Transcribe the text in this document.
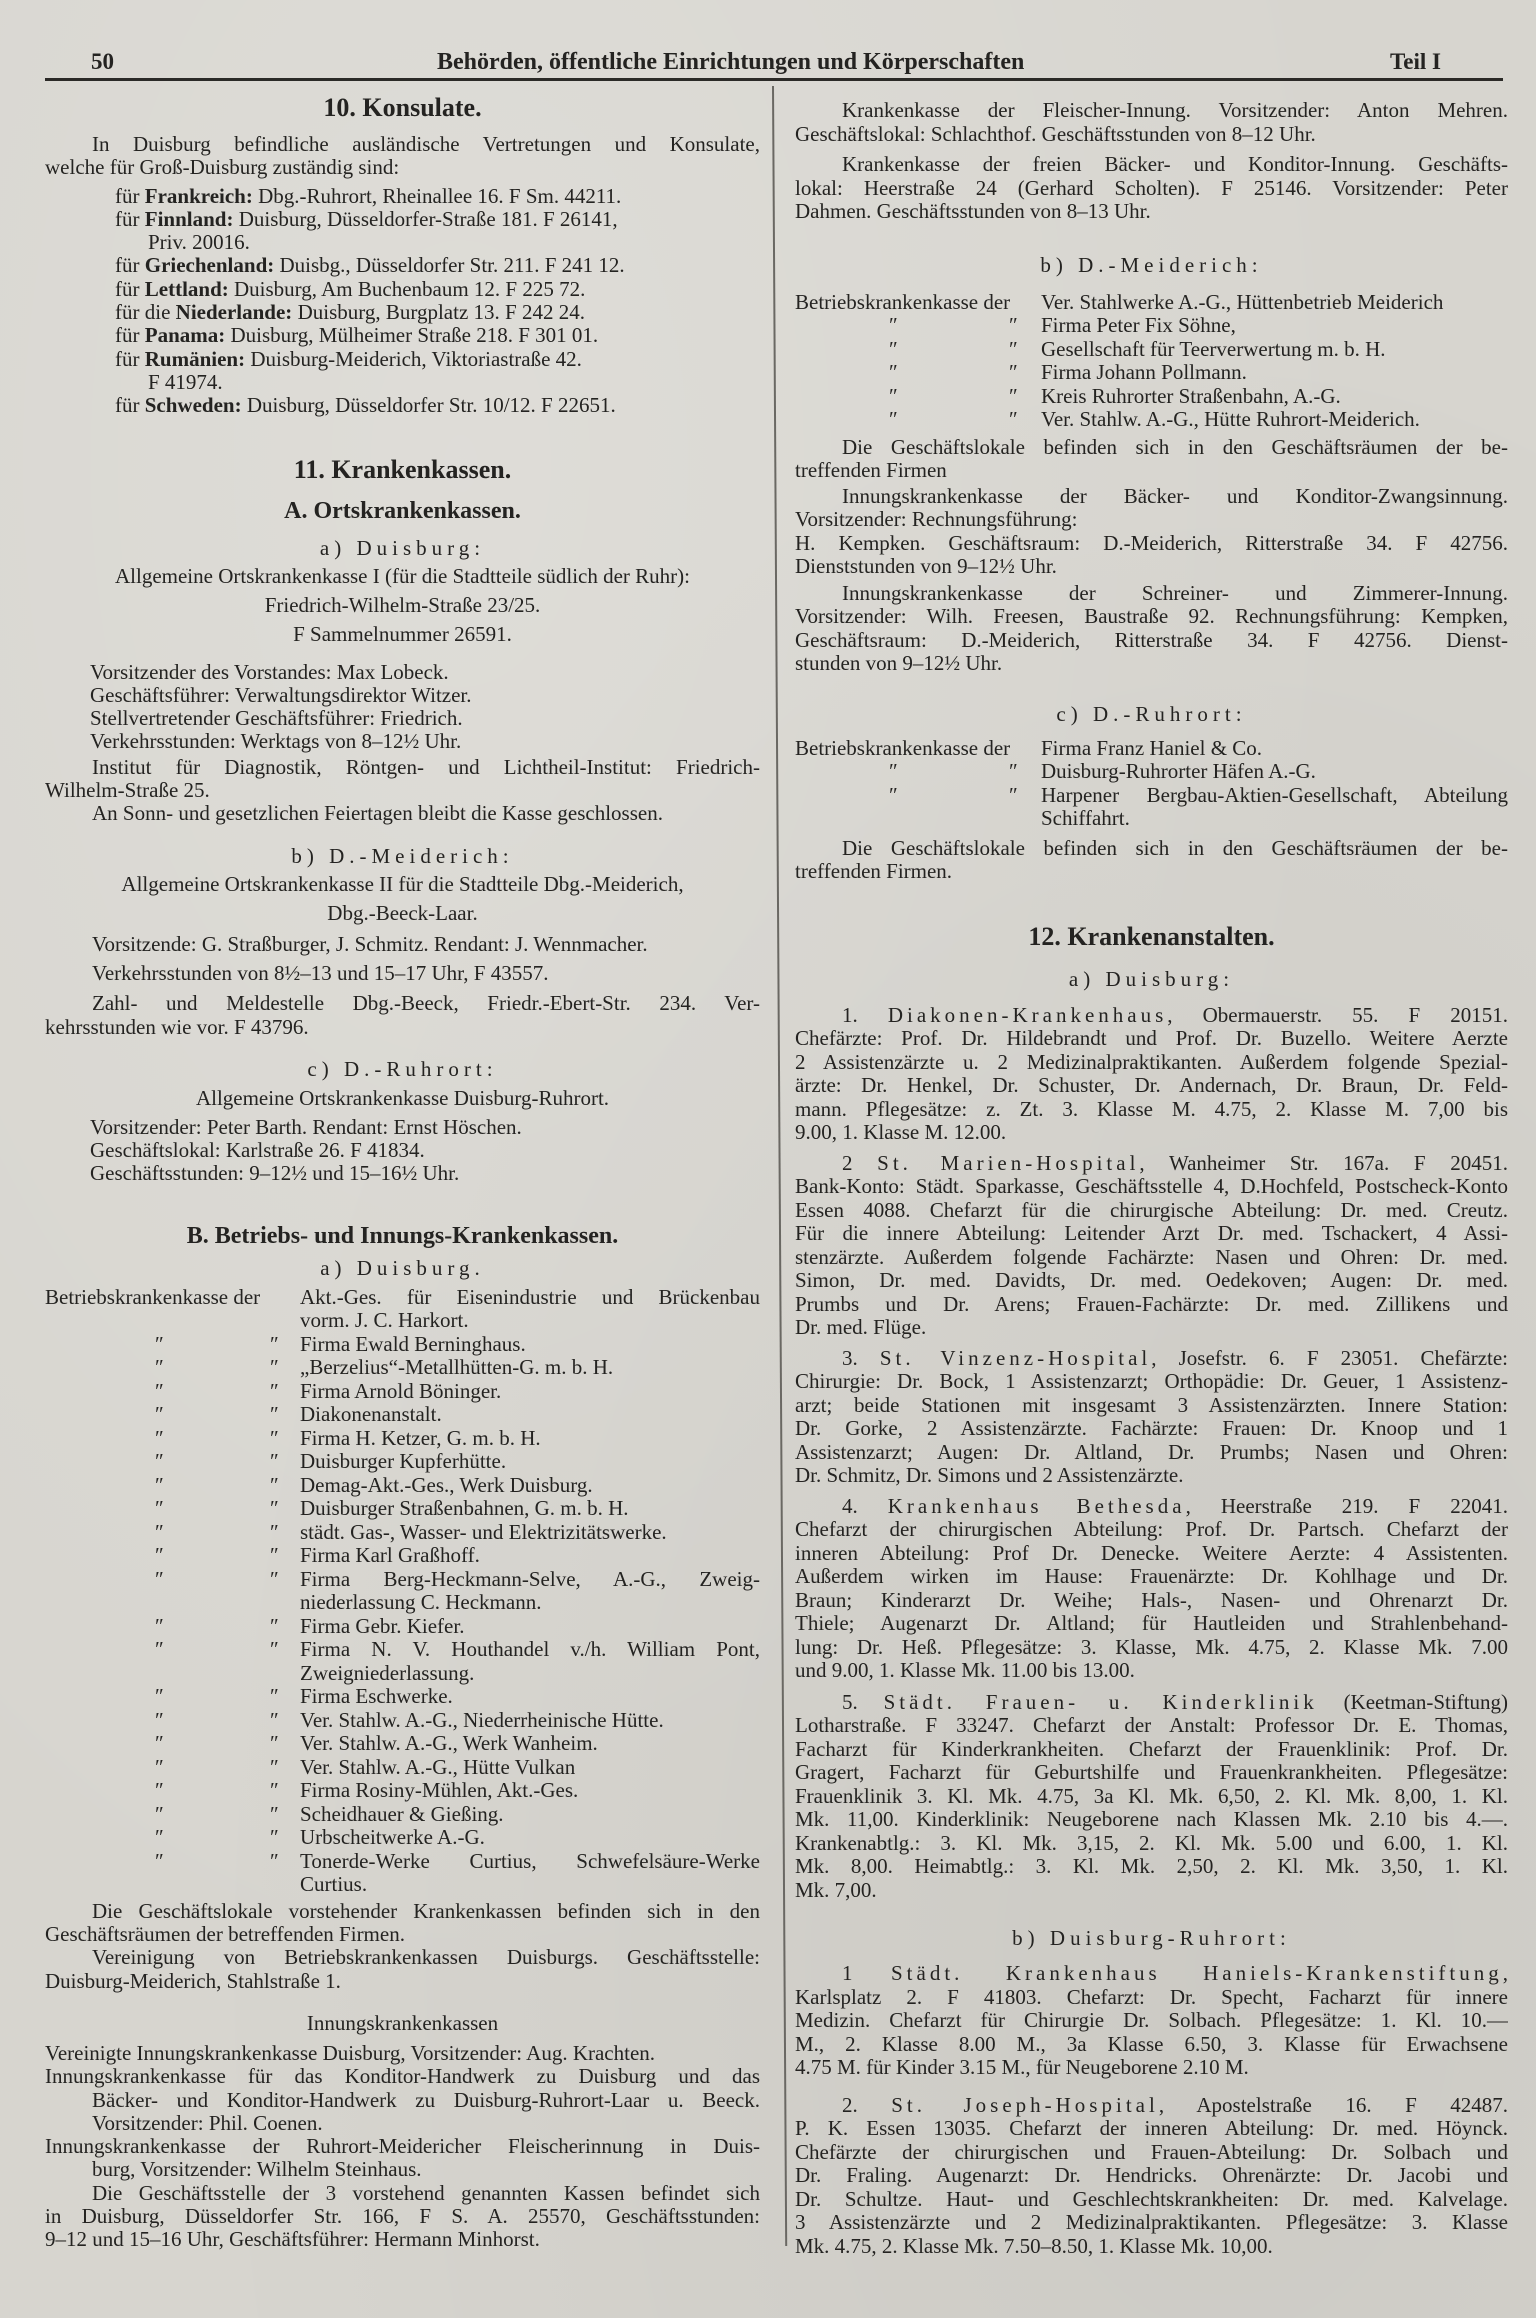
50	Behörden, öffentliche Einrichtungen und Körperschaften	Teil I
10. Konsulate.
In Duisburg befindliche ausländische Vertretungen und Konsulate,
welche für Groß-Duisburg zuständig sind:
für Frankreich: Dbg.-Ruhrort, Rheinallee 16. F Sm. 44211.
für Finnland: Duisburg, Düsseldorfer-Straße 181. F 26141,
Priv. 20016.
für Griechenland: Duisbg., Düsseldorfer Str. 211. F 241 12.
für Lettland: Duisburg, Am Buchenbaum 12. F 225 72.
für die Niederlande: Duisburg, Burgplatz 13. F 242 24.
für Panama: Duisburg, Mülheimer Straße 218. F 301 01.
für Rumänien: Duisburg-Meiderich, Viktoriastraße 42.
F 41974.
für Schweden: Duisburg, Düsseldorfer Str. 10/12. F 22651.
11. Krankenkassen.
A. Ortskrankenkassen.
a) Duisburg:
Allgemeine Ortskrankenkasse I (für die Stadtteile südlich der Ruhr):
Friedrich-Wilhelm-Straße 23/25.
F Sammelnummer 26591.
Vorsitzender des Vorstandes: Max Lobeck.
Geschäftsführer: Verwaltungsdirektor Witzer.
Stellvertretender Geschäftsführer: Friedrich.
Verkehrsstunden: Werktags von 8–12½ Uhr.
Institut für Diagnostik, Röntgen- und Lichtheil-Institut: Friedrich-
Wilhelm-Straße 25.
An Sonn- und gesetzlichen Feiertagen bleibt die Kasse geschlossen.
b) D.-Meiderich:
Allgemeine Ortskrankenkasse II für die Stadtteile Dbg.-Meiderich,
Dbg.-Beeck-Laar.
Vorsitzende: G. Straßburger, J. Schmitz. Rendant: J. Wennmacher.
Verkehrsstunden von 8½–13 und 15–17 Uhr, F 43557.
Zahl- und Meldestelle Dbg.-Beeck, Friedr.-Ebert-Str. 234. Ver-
kehrsstunden wie vor. F 43796.
c) D.-Ruhrort:
Allgemeine Ortskrankenkasse Duisburg-Ruhrort.
Vorsitzender: Peter Barth. Rendant: Ernst Höschen.
Geschäftslokal: Karlstraße 26. F 41834.
Geschäftsstunden: 9–12½ und 15–16½ Uhr.
B. Betriebs- und Innungs-Krankenkassen.
a) Duisburg.
Betriebskrankenkasse der Akt.-Ges. für Eisenindustrie und Brückenbau
vorm. J. C. Harkort.
″	″ Firma Ewald Berninghaus.
″	″ „Berzelius“-Metallhütten-G. m. b. H.
″	″ Firma Arnold Böninger.
″	″ Diakonenanstalt.
″	″ Firma H. Ketzer, G. m. b. H.
″	″ Duisburger Kupferhütte.
″	″ Demag-Akt.-Ges., Werk Duisburg.
″	″ Duisburger Straßenbahnen, G. m. b. H.
″	″ städt. Gas-, Wasser- und Elektrizitätswerke.
″	″ Firma Karl Graßhoff.
″	″ Firma Berg-Heckmann-Selve, A.-G., Zweig-
niederlassung C. Heckmann.
″	″ Firma Gebr. Kiefer.
″	″ Firma N. V. Houthandel v./h. William Pont,
Zweigniederlassung.
″	″ Firma Eschwerke.
″	″ Ver. Stahlw. A.-G., Niederrheinische Hütte.
″	″ Ver. Stahlw. A.-G., Werk Wanheim.
″	″ Ver. Stahlw. A.-G., Hütte Vulkan
″	″ Firma Rosiny-Mühlen, Akt.-Ges.
″	″ Scheidhauer & Gießing.
″	″ Urbscheitwerke A.-G.
″	″ Tonerde-Werke Curtius, Schwefelsäure-Werke
Curtius.
Die Geschäftslokale vorstehender Krankenkassen befinden sich in den
Geschäftsräumen der betreffenden Firmen.
Vereinigung von Betriebskrankenkassen Duisburgs. Geschäftsstelle:
Duisburg-Meiderich, Stahlstraße 1.
Innungskrankenkassen
Vereinigte Innungskrankenkasse Duisburg, Vorsitzender: Aug. Krachten.
Innungskrankenkasse für das Konditor-Handwerk zu Duisburg und das
Bäcker- und Konditor-Handwerk zu Duisburg-Ruhrort-Laar u. Beeck.
Vorsitzender: Phil. Coenen.
Innungskrankenkasse der Ruhrort-Meidericher Fleischerinnung in Duis-
burg, Vorsitzender: Wilhelm Steinhaus.
Die Geschäftsstelle der 3 vorstehend genannten Kassen befindet sich
in Duisburg, Düsseldorfer Str. 166, F S. A. 25570, Geschäftsstunden:
9–12 und 15–16 Uhr, Geschäftsführer: Hermann Minhorst.
Krankenkasse der Fleischer-Innung. Vorsitzender: Anton Mehren.
Geschäftslokal: Schlachthof. Geschäftsstunden von 8–12 Uhr.
Krankenkasse der freien Bäcker- und Konditor-Innung. Geschäfts-
lokal: Heerstraße 24 (Gerhard Scholten). F 25146. Vorsitzender: Peter
Dahmen. Geschäftsstunden von 8–13 Uhr.
b) D.-Meiderich:
Betriebskrankenkasse der Ver. Stahlwerke A.-G., Hüttenbetrieb Meiderich
″	″ Firma Peter Fix Söhne,
″	″ Gesellschaft für Teerverwertung m. b. H.
″	″ Firma Johann Pollmann.
″	″ Kreis Ruhrorter Straßenbahn, A.-G.
″	″ Ver. Stahlw. A.-G., Hütte Ruhrort-Meiderich.
Die Geschäftslokale befinden sich in den Geschäftsräumen der be-
treffenden Firmen
Innungskrankenkasse der Bäcker- und Konditor-Zwangsinnung.
Vorsitzender: Rechnungsführung:
H. Kempken. Geschäftsraum: D.-Meiderich, Ritterstraße 34. F 42756.
Dienststunden von 9–12½ Uhr.
Innungskrankenkasse der Schreiner- und Zimmerer-Innung.
Vorsitzender: Wilh. Freesen, Baustraße 92. Rechnungsführung: Kempken,
Geschäftsraum: D.-Meiderich, Ritterstraße 34. F 42756. Dienst-
stunden von 9–12½ Uhr.
c) D.-Ruhrort:
Betriebskrankenkasse der Firma Franz Haniel & Co.
″	″ Duisburg-Ruhrorter Häfen A.-G.
″	″ Harpener Bergbau-Aktien-Gesellschaft, Abteilung
Schiffahrt.
Die Geschäftslokale befinden sich in den Geschäftsräumen der be-
treffenden Firmen.
12. Krankenanstalten.
a) Duisburg:
1. Diakonen-Krankenhaus, Obermauerstr. 55. F 20151.
Chefärzte: Prof. Dr. Hildebrandt und Prof. Dr. Buzello. Weitere Aerzte
2 Assistenzärzte u. 2 Medizinalpraktikanten. Außerdem folgende Spezial-
ärzte: Dr. Henkel, Dr. Schuster, Dr. Andernach, Dr. Braun, Dr. Feld-
mann. Pflegesätze: z. Zt. 3. Klasse M. 4.75, 2. Klasse M. 7,00 bis
9.00, 1. Klasse M. 12.00.
2 St. Marien-Hospital, Wanheimer Str. 167a. F 20451.
Bank-Konto: Städt. Sparkasse, Geschäftsstelle 4, D.Hochfeld, Postscheck-Konto
Essen 4088. Chefarzt für die chirurgische Abteilung: Dr. med. Creutz.
Für die innere Abteilung: Leitender Arzt Dr. med. Tschackert, 4 Assi-
stenzärzte. Außerdem folgende Fachärzte: Nasen und Ohren: Dr. med.
Simon, Dr. med. Davidts, Dr. med. Oedekoven; Augen: Dr. med.
Prumbs und Dr. Arens; Frauen-Fachärzte: Dr. med. Zillikens und
Dr. med. Flüge.
3. St. Vinzenz-Hospital, Josefstr. 6. F 23051. Chefärzte:
Chirurgie: Dr. Bock, 1 Assistenzarzt; Orthopädie: Dr. Geuer, 1 Assistenz-
arzt; beide Stationen mit insgesamt 3 Assistenzärzten. Innere Station:
Dr. Gorke, 2 Assistenzärzte. Fachärzte: Frauen: Dr. Knoop und 1
Assistenzarzt; Augen: Dr. Altland, Dr. Prumbs; Nasen und Ohren:
Dr. Schmitz, Dr. Simons und 2 Assistenzärzte.
4. Krankenhaus Bethesda, Heerstraße 219. F 22041.
Chefarzt der chirurgischen Abteilung: Prof. Dr. Partsch. Chefarzt der
inneren Abteilung: Prof Dr. Denecke. Weitere Aerzte: 4 Assistenten.
Außerdem wirken im Hause: Frauenärzte: Dr. Kohlhage und Dr.
Braun; Kinderarzt Dr. Weihe; Hals-, Nasen- und Ohrenarzt Dr.
Thiele; Augenarzt Dr. Altland; für Hautleiden und Strahlenbehand-
lung: Dr. Heß. Pflegesätze: 3. Klasse, Mk. 4.75, 2. Klasse Mk. 7.00
und 9.00, 1. Klasse Mk. 11.00 bis 13.00.
5. Städt. Frauen- u. Kinderklinik (Keetman-Stiftung)
Lotharstraße. F 33247. Chefarzt der Anstalt: Professor Dr. E. Thomas,
Facharzt für Kinderkrankheiten. Chefarzt der Frauenklinik: Prof. Dr.
Gragert, Facharzt für Geburtshilfe und Frauenkrankheiten. Pflegesätze:
Frauenklinik 3. Kl. Mk. 4.75, 3a Kl. Mk. 6,50, 2. Kl. Mk. 8,00, 1. Kl.
Mk. 11,00. Kinderklinik: Neugeborene nach Klassen Mk. 2.10 bis 4.—.
Krankenabtlg.: 3. Kl. Mk. 3,15, 2. Kl. Mk. 5.00 und 6.00, 1. Kl.
Mk. 8,00. Heimabtlg.: 3. Kl. Mk. 2,50, 2. Kl. Mk. 3,50, 1. Kl.
Mk. 7,00.
b) Duisburg-Ruhrort:
1 Städt. Krankenhaus Haniels-Krankenstiftung,
Karlsplatz 2. F 41803. Chefarzt: Dr. Specht, Facharzt für innere
Medizin. Chefarzt für Chirurgie Dr. Solbach. Pflegesätze: 1. Kl. 10.—
M., 2. Klasse 8.00 M., 3a Klasse 6.50, 3. Klasse für Erwachsene
4.75 M. für Kinder 3.15 M., für Neugeborene 2.10 M.
2. St. Joseph-Hospital, Apostelstraße 16. F 42487.
P. K. Essen 13035. Chefarzt der inneren Abteilung: Dr. med. Höynck.
Chefärzte der chirurgischen und Frauen-Abteilung: Dr. Solbach und
Dr. Fraling. Augenarzt: Dr. Hendricks. Ohrenärzte: Dr. Jacobi und
Dr. Schultze. Haut- und Geschlechtskrankheiten: Dr. med. Kalvelage.
3 Assistenzärzte und 2 Medizinalpraktikanten. Pflegesätze: 3. Klasse
Mk. 4.75, 2. Klasse Mk. 7.50–8.50, 1. Klasse Mk. 10,00.
